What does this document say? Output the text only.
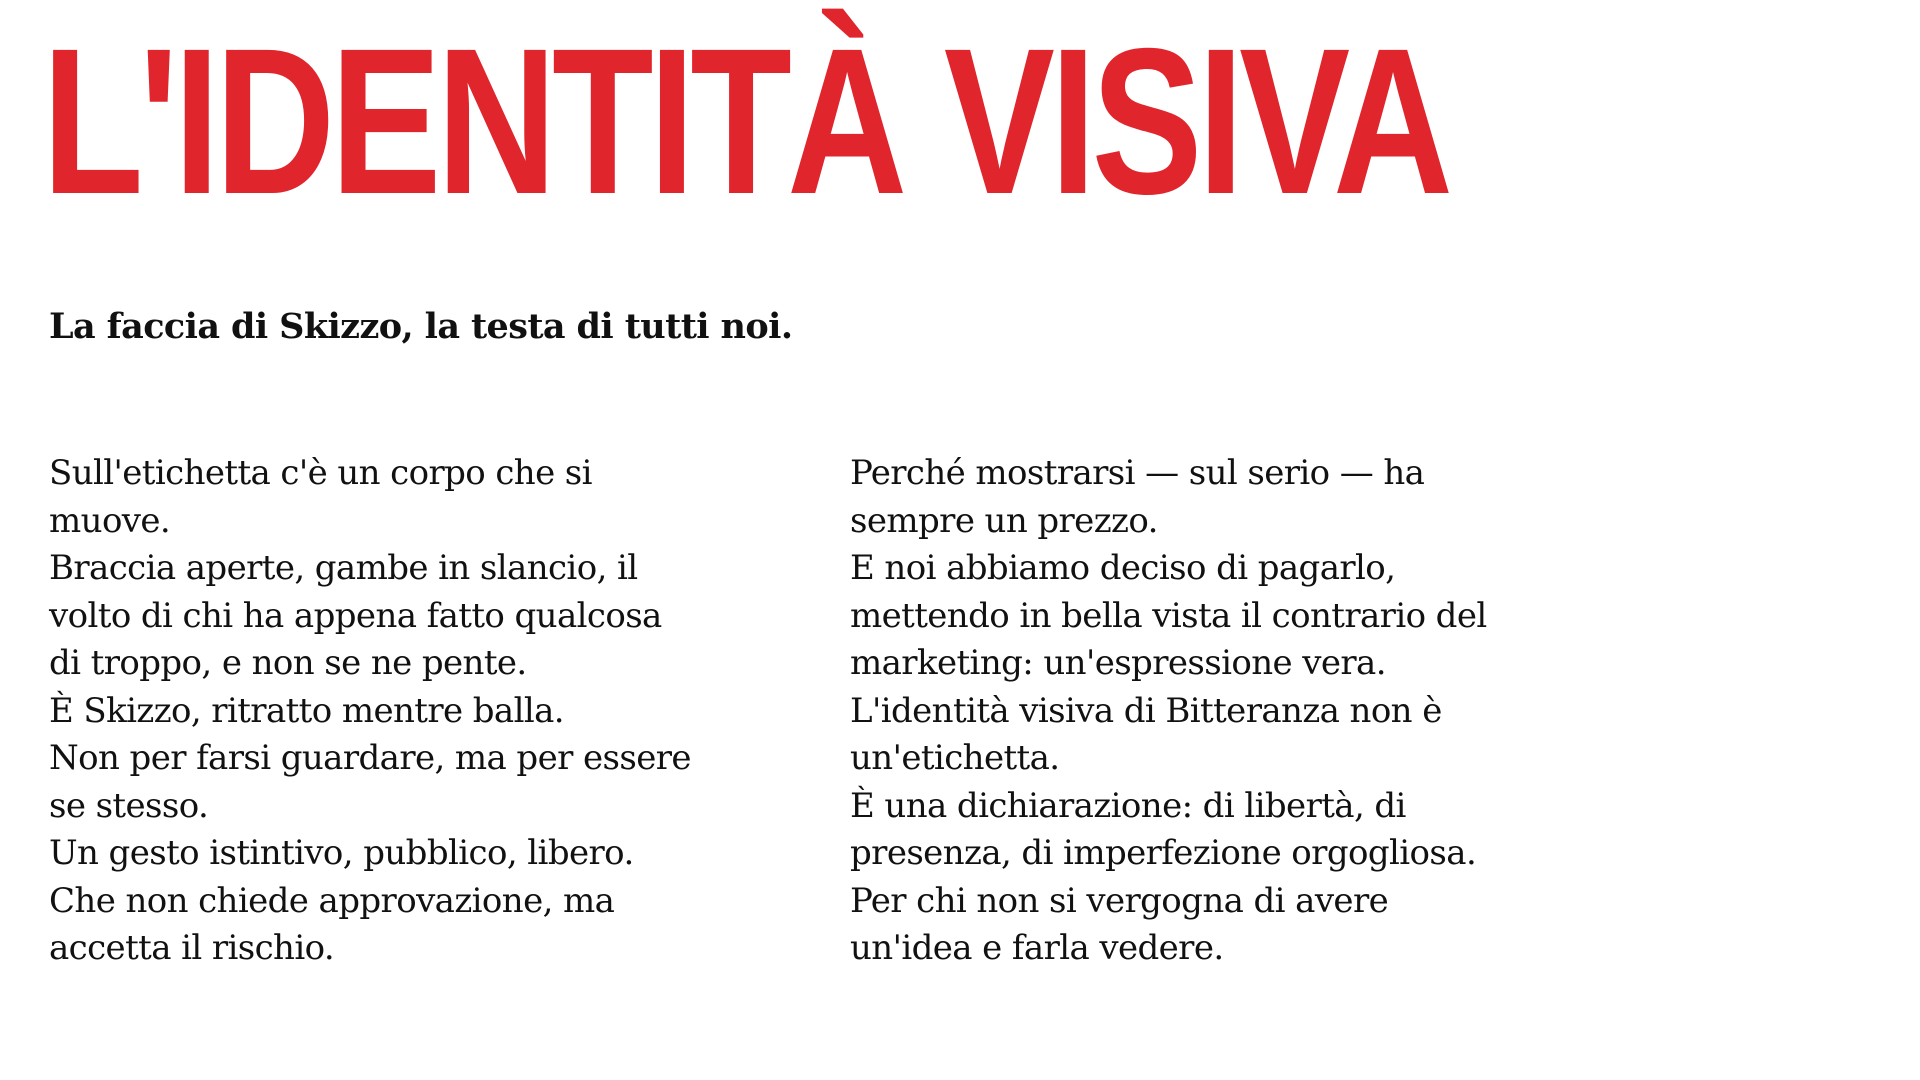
L'IDENTITÀ VISIVA

La faccia di Skizzo, la testa di tutti noi.

Sull'etichetta c'è un corpo che si
muove.
Braccia aperte, gambe in slancio, il
volto di chi ha appena fatto qualcosa
di troppo, e non se ne pente.
È Skizzo, ritratto mentre balla.
Non per farsi guardare, ma per essere
se stesso.
Un gesto istintivo, pubblico, libero.
Che non chiede approvazione, ma
accetta il rischio.
Perché mostrarsi — sul serio — ha
sempre un prezzo.
E noi abbiamo deciso di pagarlo,
mettendo in bella vista il contrario del
marketing: un'espressione vera.
L'identità visiva di Bitteranza non è
un'etichetta.
È una dichiarazione: di libertà, di
presenza, di imperfezione orgogliosa.
Per chi non si vergogna di avere
un'idea e farla vedere.
